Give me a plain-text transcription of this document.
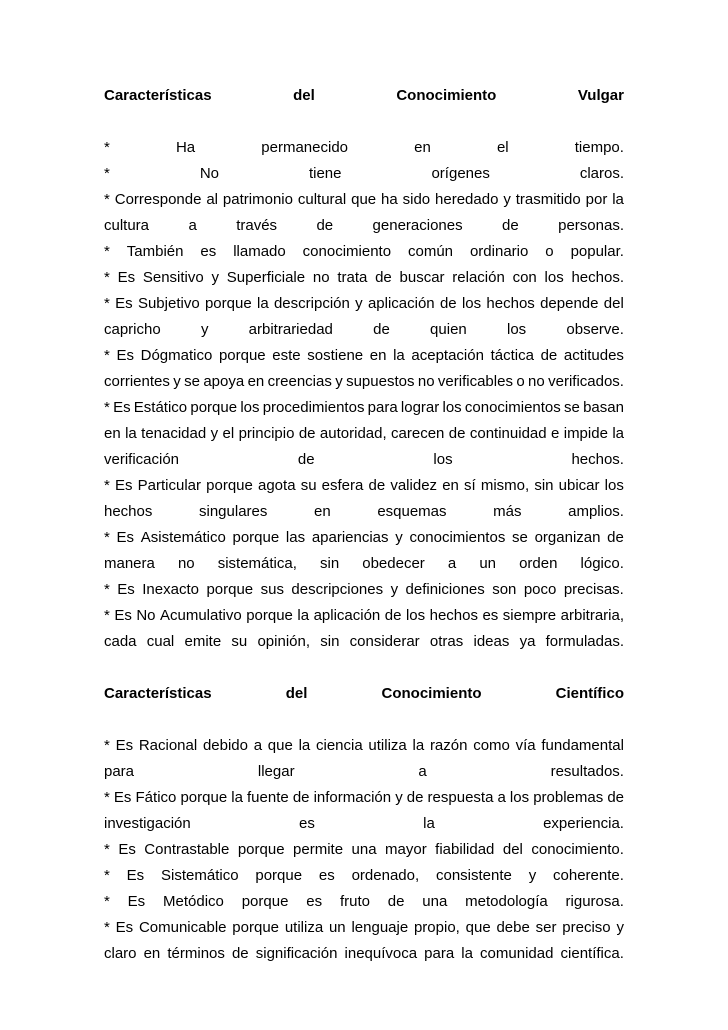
Características	del	Conocimiento	Vulgar
*	Ha	permanecido	en	el	tiempo.
*	No	tiene	orígenes	claros.
* Corresponde al patrimonio cultural que ha sido heredado y trasmitido por la
cultura	a	través	de	generaciones	de	personas.
* También es llamado conocimiento común ordinario o popular.
* Es Sensitivo y Superficiale no trata de buscar relación con los hechos.
* Es Subjetivo porque la descripción y aplicación de los hechos depende del
capricho	y	arbitrariedad	de	quien	los	observe.
* Es Dógmatico porque este sostiene en la aceptación táctica de actitudes
corrientes y se apoya en creencias y supuestos no verificables o no verificados.
* Es Estático porque los procedimientos para lograr los conocimientos se basan
en la tenacidad y el principio de autoridad, carecen de continuidad e impide la
verificación	de	los	hechos.
* Es Particular porque agota su esfera de validez en sí mismo, sin ubicar los
hechos	singulares	en	esquemas	más	amplios.
* Es Asistemático porque las apariencias y conocimientos se organizan de
manera no sistemática, sin obedecer a un orden lógico.
* Es Inexacto porque sus descripciones y definiciones son poco precisas.
* Es No Acumulativo porque la aplicación de los hechos es siempre arbitraria,
cada cual emite su opinión, sin considerar otras ideas ya formuladas.
Características	del	Conocimiento	Científico
* Es Racional debido a que la ciencia utiliza la razón como vía fundamental
para	llegar	a	resultados.
* Es Fático porque la fuente de información y de respuesta a los problemas de
investigación	es	la	experiencia.
* Es Contrastable porque permite una mayor fiabilidad del conocimiento.
* Es Sistemático porque es ordenado, consistente y coherente.
* Es Metódico porque es fruto de una metodología rigurosa.
* Es Comunicable porque utiliza un lenguaje propio, que debe ser preciso y
claro en términos de significación inequívoca para la comunidad científica.
